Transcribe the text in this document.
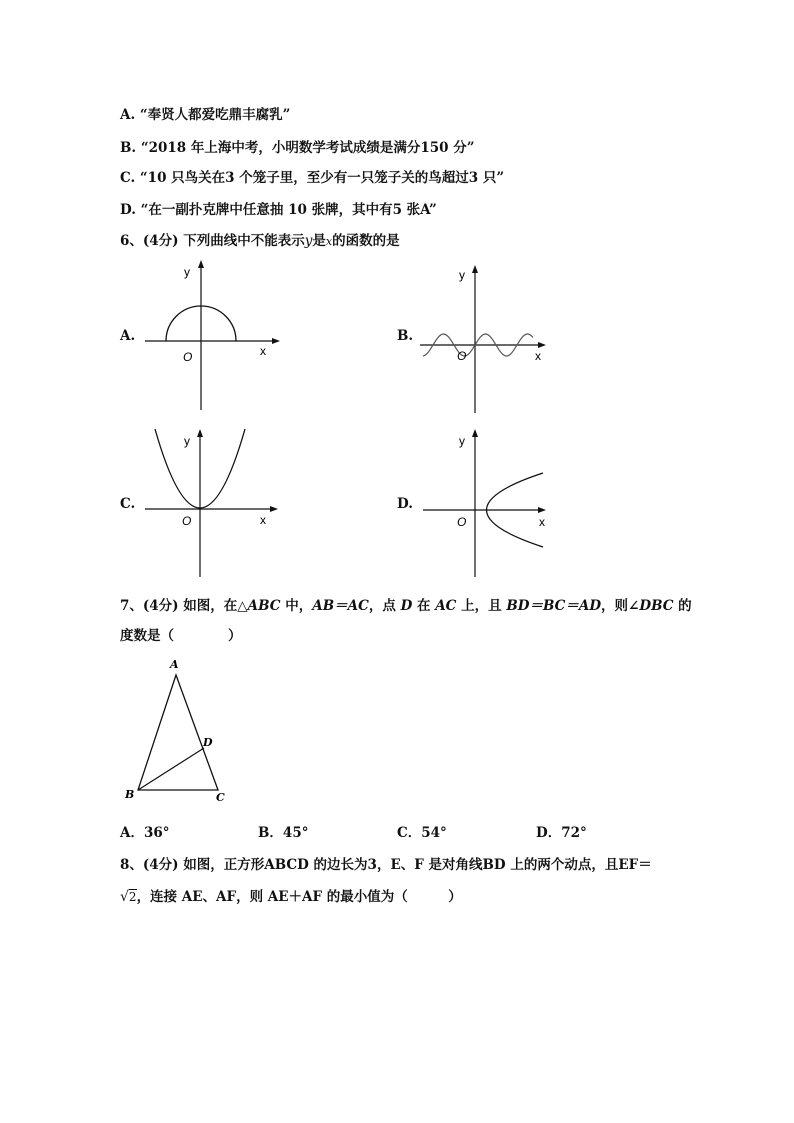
A. “奉贤人都爱吃鼎丰腐乳”
B. “2018 年上海中考，小明数学考试成绩是满分150 分”
C. “10 只鸟关在3 个笼子里，至少有一只笼子关的鸟超过3 只”
D. “在一副扑克牌中任意抽 10 张牌，其中有5 张A”
6、(4分) 下列曲线中不能表示y是x的函数的是
A.
y
x
O
B.
y
x
O
C.
y
x
O
D.
y
x
O
7、(4分) 如图，在△ABC 中，AB＝AC，点 D 在 AC 上，且 BD＝BC＝AD，则∠DBC 的
度数是（　　　　）
A
B	C
D
A．36°	B．45°	C．54°	D．72°
8、(4分) 如图，正方形ABCD 的边长为3，E、F 是对角线BD 上的两个动点，且EF＝
√2，连接 AE、AF，则 AE＋AF 的最小值为（　　　）
